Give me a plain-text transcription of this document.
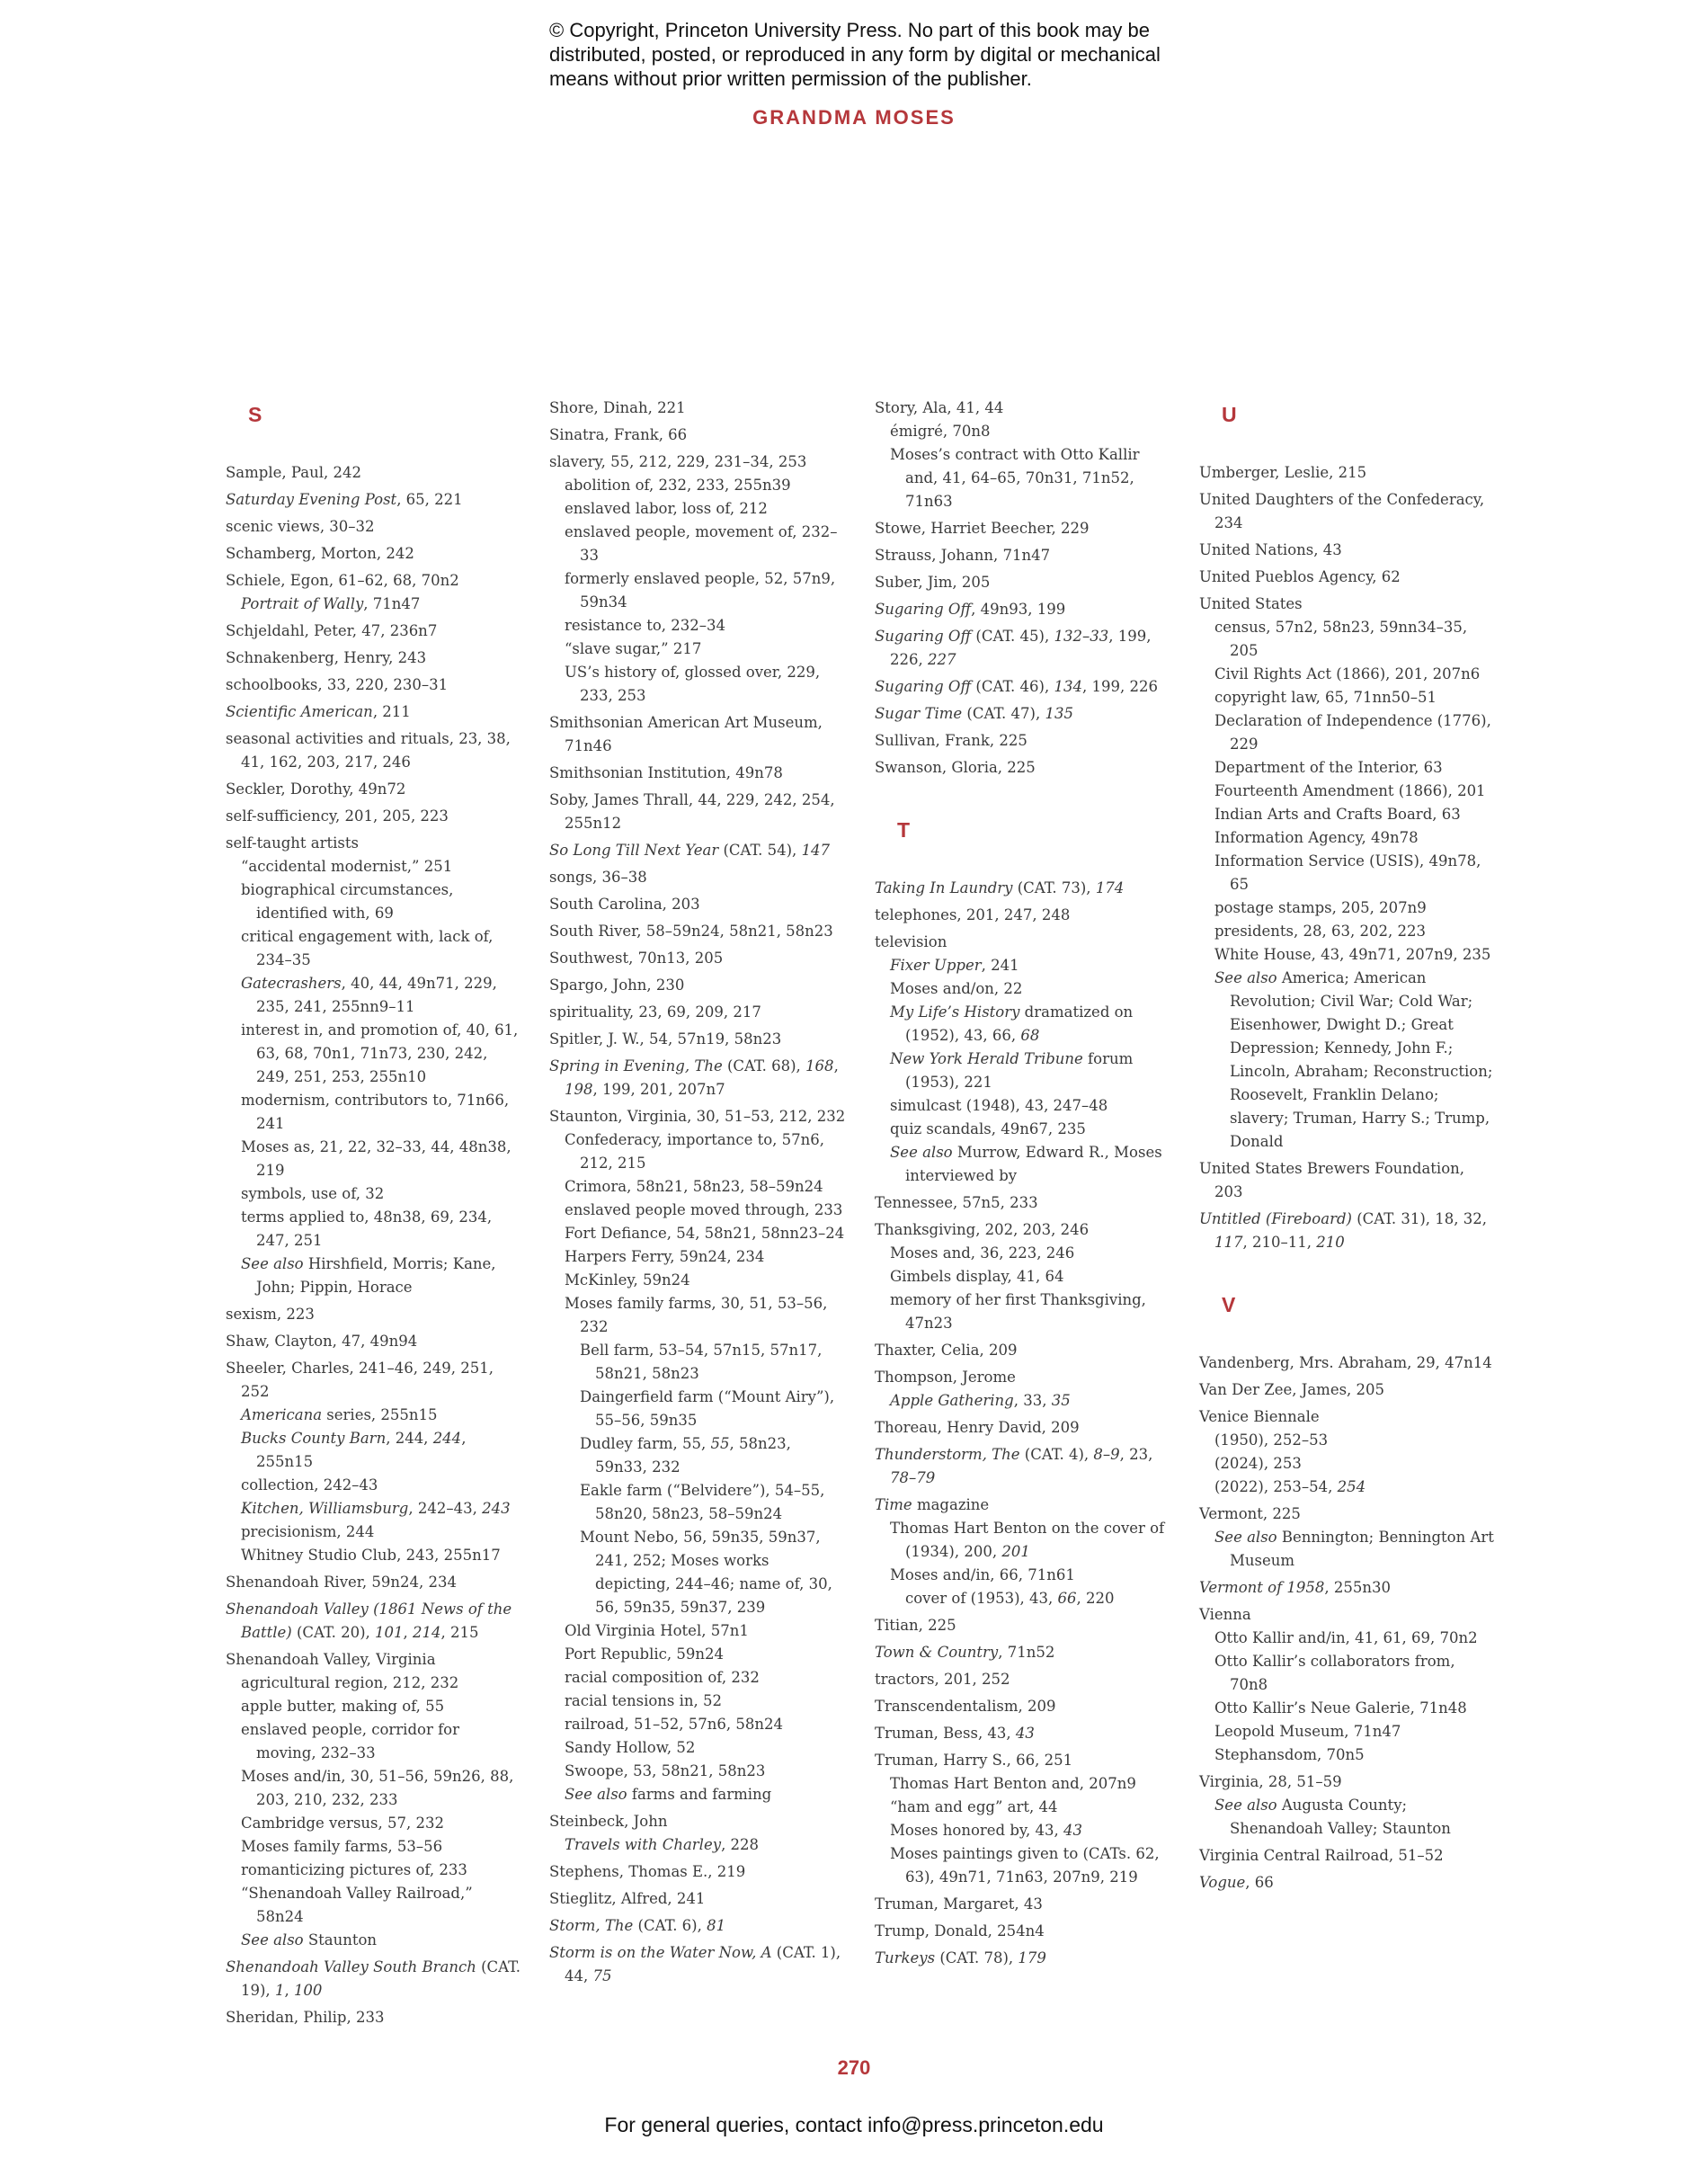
© Copyright, Princeton University Press. No part of this book may be distributed, posted, or reproduced in any form by digital or mechanical means without prior written permission of the publisher.
GRANDMA MOSES
S
Sample, Paul, 242
Saturday Evening Post, 65, 221
scenic views, 30–32
Schamberg, Morton, 242
Schiele, Egon, 61–62, 68, 70n2
Portrait of Wally, 71n47
Schjeldahl, Peter, 47, 236n7
Schnakenberg, Henry, 243
schoolbooks, 33, 220, 230–31
Scientific American, 211
seasonal activities and rituals, 23, 38, 41, 162, 203, 217, 246
Seckler, Dorothy, 49n72
self-sufficiency, 201, 205, 223
self-taught artists
“accidental modernist,” 251
biographical circumstances, identified with, 69
critical engagement with, lack of, 234–35
Gatecrashers, 40, 44, 49n71, 229, 235, 241, 255nn9–11
interest in, and promotion of, 40, 61, 63, 68, 70n1, 71n73, 230, 242, 249, 251, 253, 255n10
modernism, contributors to, 71n66, 241
Moses as, 21, 22, 32–33, 44, 48n38, 219
symbols, use of, 32
terms applied to, 48n38, 69, 234, 247, 251
See also Hirshfield, Morris; Kane, John; Pippin, Horace
sexism, 223
Shaw, Clayton, 47, 49n94
Sheeler, Charles, 241–46, 249, 251, 252
Americana series, 255n15
Bucks County Barn, 244, 244, 255n15
collection, 242–43
Kitchen, Williamsburg, 242–43, 243
precisionism, 244
Whitney Studio Club, 243, 255n17
Shenandoah River, 59n24, 234
Shenandoah Valley (1861 News of the Battle) (CAT. 20), 101, 214, 215
Shenandoah Valley, Virginia
agricultural region, 212, 232
apple butter, making of, 55
enslaved people, corridor for moving, 232–33
Moses and/in, 30, 51–56, 59n26, 88, 203, 210, 232, 233
Cambridge versus, 57, 232
Moses family farms, 53–56
romanticizing pictures of, 233
“Shenandoah Valley Railroad,” 58n24
See also Staunton
Shenandoah Valley South Branch (CAT. 19), 1, 100
Sheridan, Philip, 233
Shore, Dinah, 221
Sinatra, Frank, 66
slavery, 55, 212, 229, 231–34, 253
abolition of, 232, 233, 255n39
enslaved labor, loss of, 212
enslaved people, movement of, 232–33
formerly enslaved people, 52, 57n9, 59n34
resistance to, 232–34
“slave sugar,” 217
US’s history of, glossed over, 229, 233, 253
Smithsonian American Art Museum, 71n46
Smithsonian Institution, 49n78
Soby, James Thrall, 44, 229, 242, 254, 255n12
So Long Till Next Year (CAT. 54), 147
songs, 36–38
South Carolina, 203
South River, 58–59n24, 58n21, 58n23
Southwest, 70n13, 205
Spargo, John, 230
spirituality, 23, 69, 209, 217
Spitler, J. W., 54, 57n19, 58n23
Spring in Evening, The (CAT. 68), 168, 198, 199, 201, 207n7
Staunton, Virginia, 30, 51–53, 212, 232
Confederacy, importance to, 57n6, 212, 215
Crimora, 58n21, 58n23, 58–59n24
enslaved people moved through, 233
Fort Defiance, 54, 58n21, 58nn23–24
Harpers Ferry, 59n24, 234
McKinley, 59n24
Moses family farms, 30, 51, 53–56, 232
Bell farm, 53–54, 57n15, 57n17, 58n21, 58n23
Daingerfield farm (“Mount Airy”), 55–56, 59n35
Dudley farm, 55, 55, 58n23, 59n33, 232
Eakle farm (“Belvidere”), 54–55, 58n20, 58n23, 58–59n24
Mount Nebo, 56, 59n35, 59n37, 241, 252; Moses works depicting, 244–46; name of, 30, 56, 59n35, 59n37, 239
Old Virginia Hotel, 57n1
Port Republic, 59n24
racial composition of, 232
racial tensions in, 52
railroad, 51–52, 57n6, 58n24
Sandy Hollow, 52
Swoope, 53, 58n21, 58n23
See also farms and farming
Steinbeck, John
Travels with Charley, 228
Stephens, Thomas E., 219
Stieglitz, Alfred, 241
Storm, The (CAT. 6), 81
Storm is on the Water Now, A (CAT. 1), 44, 75
Story, Ala, 41, 44
émigré, 70n8
Moses’s contract with Otto Kallir and, 41, 64–65, 70n31, 71n52, 71n63
Stowe, Harriet Beecher, 229
Strauss, Johann, 71n47
Suber, Jim, 205
Sugaring Off, 49n93, 199
Sugaring Off (CAT. 45), 132–33, 199, 226, 227
Sugaring Off (CAT. 46), 134, 199, 226
Sugar Time (CAT. 47), 135
Sullivan, Frank, 225
Swanson, Gloria, 225
T
Taking In Laundry (CAT. 73), 174
telephones, 201, 247, 248
television
Fixer Upper, 241
Moses and/on, 22
My Life’s History dramatized on (1952), 43, 66, 68
New York Herald Tribune forum (1953), 221
simulcast (1948), 43, 247–48
quiz scandals, 49n67, 235
See also Murrow, Edward R., Moses interviewed by
Tennessee, 57n5, 233
Thanksgiving, 202, 203, 246
Moses and, 36, 223, 246
Gimbels display, 41, 64
memory of her first Thanksgiving, 47n23
Thaxter, Celia, 209
Thompson, Jerome
Apple Gathering, 33, 35
Thoreau, Henry David, 209
Thunderstorm, The (CAT. 4), 8–9, 23, 78–79
Time magazine
Thomas Hart Benton on the cover of (1934), 200, 201
Moses and/in, 66, 71n61
cover of (1953), 43, 66, 220
Titian, 225
Town & Country, 71n52
tractors, 201, 252
Transcendentalism, 209
Truman, Bess, 43, 43
Truman, Harry S., 66, 251
Thomas Hart Benton and, 207n9
“ham and egg” art, 44
Moses honored by, 43, 43
Moses paintings given to (CATs. 62, 63), 49n71, 71n63, 207n9, 219
Truman, Margaret, 43
Trump, Donald, 254n4
Turkeys (CAT. 78), 179
U
Umberger, Leslie, 215
United Daughters of the Confederacy, 234
United Nations, 43
United Pueblos Agency, 62
United States
census, 57n2, 58n23, 59nn34–35, 205
Civil Rights Act (1866), 201, 207n6
copyright law, 65, 71nn50–51
Declaration of Independence (1776), 229
Department of the Interior, 63
Fourteenth Amendment (1866), 201
Indian Arts and Crafts Board, 63
Information Agency, 49n78
Information Service (USIS), 49n78, 65
postage stamps, 205, 207n9
presidents, 28, 63, 202, 223
White House, 43, 49n71, 207n9, 235
See also America; American Revolution; Civil War; Cold War; Eisenhower, Dwight D.; Great Depression; Kennedy, John F.; Lincoln, Abraham; Reconstruction; Roosevelt, Franklin Delano; slavery; Truman, Harry S.; Trump, Donald
United States Brewers Foundation, 203
Untitled (Fireboard) (CAT. 31), 18, 32, 117, 210–11, 210
V
Vandenberg, Mrs. Abraham, 29, 47n14
Van Der Zee, James, 205
Venice Biennale
(1950), 252–53
(2024), 253
(2022), 253–54, 254
Vermont, 225
See also Bennington; Bennington Art Museum
Vermont of 1958, 255n30
Vienna
Otto Kallir and/in, 41, 61, 69, 70n2
Otto Kallir’s collaborators from, 70n8
Otto Kallir’s Neue Galerie, 71n48
Leopold Museum, 71n47
Stephansdom, 70n5
Virginia, 28, 51–59
See also Augusta County; Shenandoah Valley; Staunton
Virginia Central Railroad, 51–52
Vogue, 66
270
For general queries, contact info@press.princeton.edu
